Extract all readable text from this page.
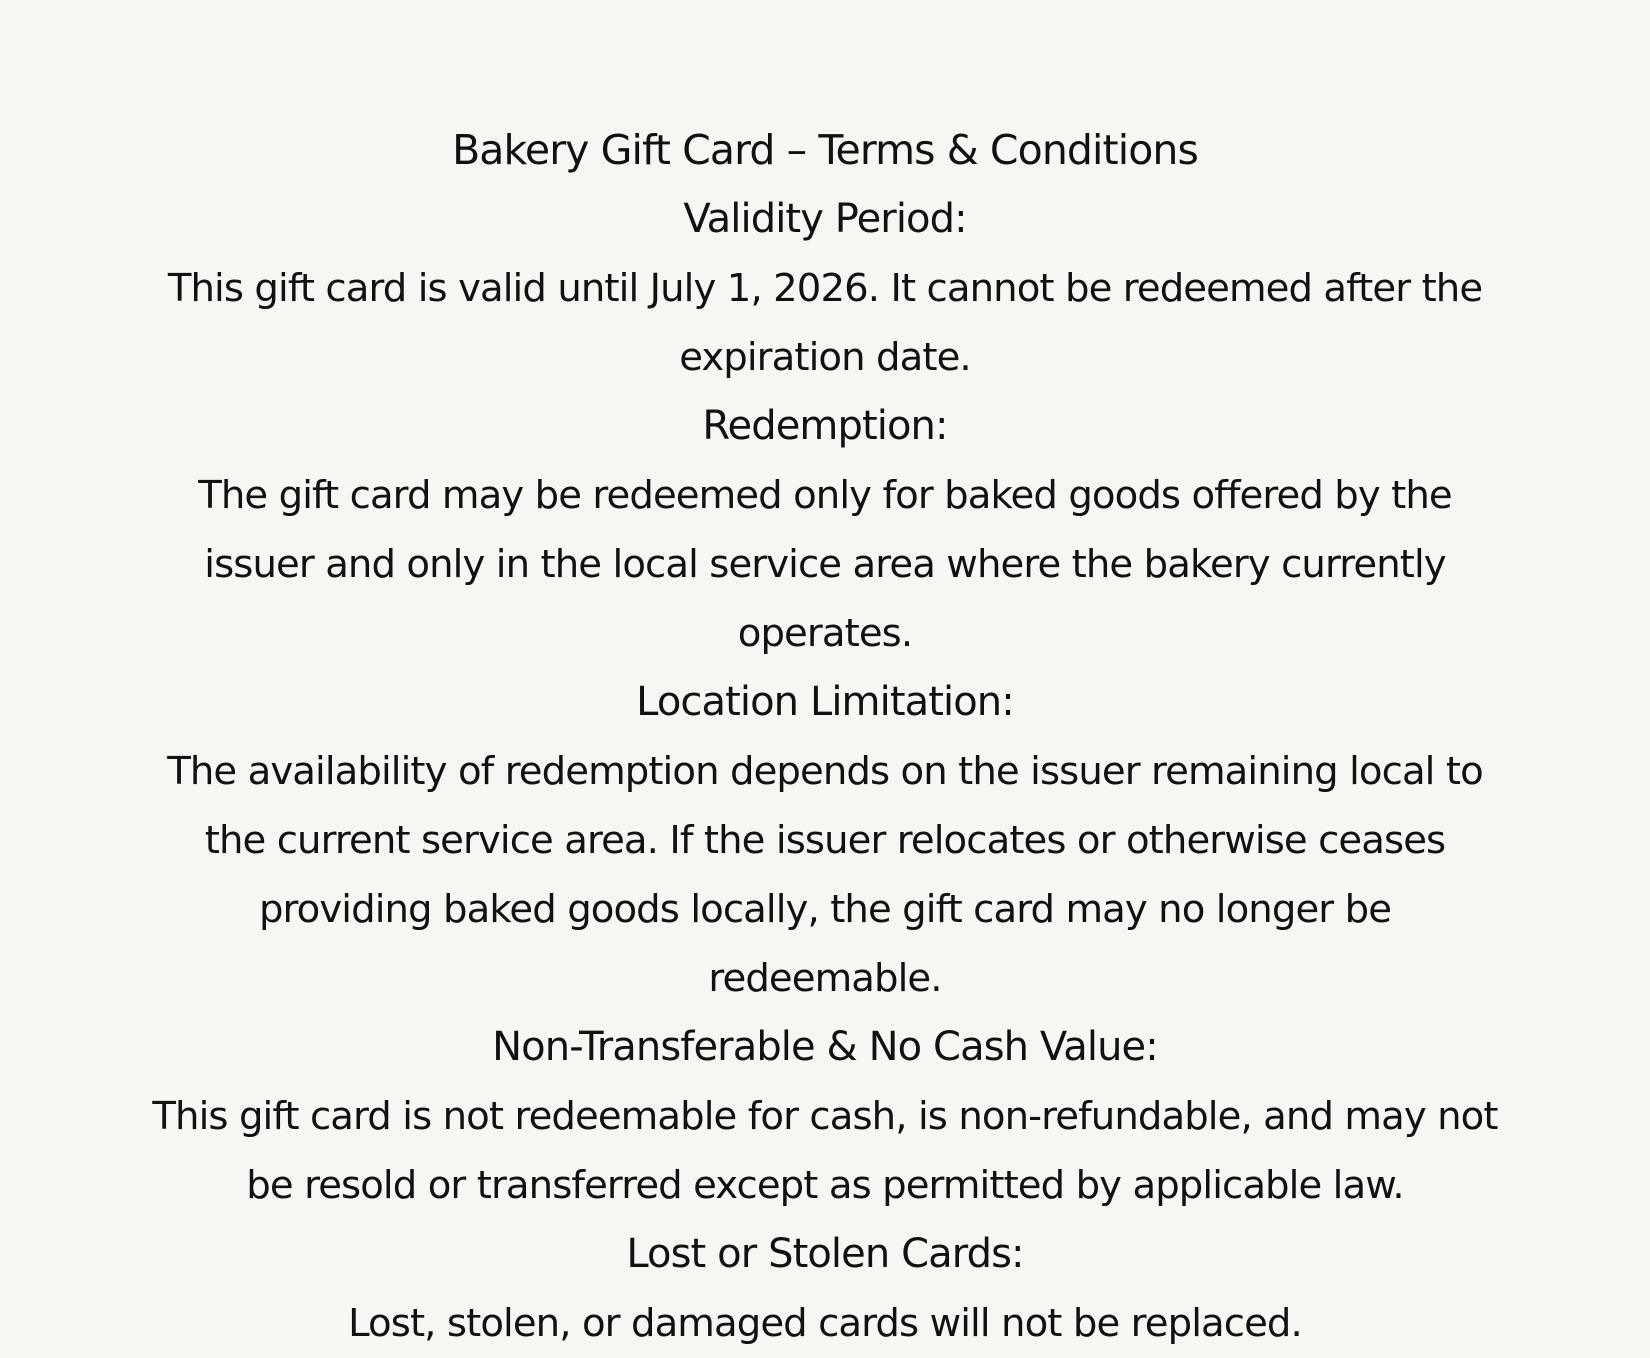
Bakery Gift Card – Terms & Conditions
Validity Period:

This gift card is valid until July 1, 2026. It cannot be redeemed after the expiration date.

Redemption:

The gift card may be redeemed only for baked goods offered by the issuer and only in the local service area where the bakery currently operates.

Location Limitation:

The availability of redemption depends on the issuer remaining local to the current service area. If the issuer relocates or otherwise ceases providing baked goods locally, the gift card may no longer be redeemable.

Non-Transferable & No Cash Value:

This gift card is not redeemable for cash, is non-refundable, and may not be resold or transferred except as permitted by applicable law.

Lost or Stolen Cards:

Lost, stolen, or damaged cards will not be replaced.
